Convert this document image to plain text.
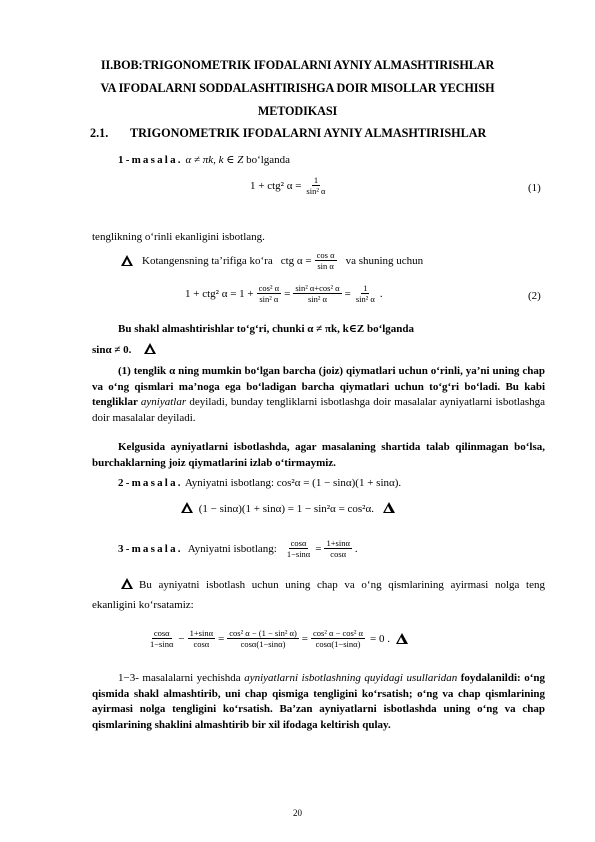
II.BOB:TRIGONOMETRIK IFODALARNI AYNIY ALMASHTIRISHLAR
VA IFODALARNI SODDALASHTIRISHGA DOIR MISOLLAR YECHISH
METODIKASI
2.1. TRIGONOMETRIK IFODALARNI AYNIY ALMASHTIRISHLAR
1-masala. α ≠ πk, k ∈ Z bo‘lganda
1 + ctg² $\alpha = \frac{1}{\text{sin² α}}$	(1)
tenglikning o‘rinli ekanligini isbotlang.
Kotangensning ta’rifiga ko‘ra ctg $\alpha = \frac{\text{cos α}}{\text{sin α}}$ va shuning uchun
1 + ctg² $\alpha = 1 + \frac{\text{cos² α}}{\text{sin² α}} = \frac{\text{sin² α+cos² α}}{\text{sin² α}} = \frac{1}{\text{sin² α}}$ .	(2)
Bu shakl almashtirishlar to‘g‘ri, chunki α ≠ πk, k∈Z bo‘lganda
sinα ≠ 0.
(1) tenglik α ning mumkin bo‘lgan barcha (joiz) qiymatlari uchun o‘rinli, ya’ni uning chap va o‘ng qismlari ma’noga ega bo‘ladigan barcha qiymatlari uchun to‘g‘ri bo‘ladi. Bu kabi tengliklar ayniyatlar deyiladi, bunday tengliklarni isbotlashga doir masalalar ayniyatlarni isbotlashga doir masalalar deyiladi.
Kelgusida ayniyatlarni isbotlashda, agar masalaning shartida talab qilinmagan bo‘lsa, burchaklarning joiz qiymatlarini izlab o‘tirmaymiz.
2-masala. Ayniyatni isbotlang: cos²α = (1 − sinα)(1 + sinα).
(1 − sinα)(1 + sinα) = 1 − sin²α = cos²α.
3-masala. Ayniyatni isbotlang: $\frac{\cos\alpha}{1-\sin\alpha} = \frac{1+\sin\alpha}{\cos\alpha}$ .
Bu ayniyatni isbotlash uchun uning chap va o‘ng qismlarining ayirmasi nolga teng ekanligini ko‘rsatamiz:
$\frac{\cos\alpha}{1-\sin\alpha} - \frac{1+\sin\alpha}{\cos\alpha} = \frac{\text{cos² α − (1 − sin² α)}}{\cos\alpha(1-\sin\alpha)} = \frac{\text{cos² α − cos² α}}{\cos\alpha(1-\sin\alpha)} = 0$ .
1−3- masalalarni yechishda ayniyatlarni isbotlashning quyidagi usullaridan foydalanildi: o‘ng qismida shakl almashtirib, uni chap qismiga tengligini ko‘rsatish; o‘ng va chap qismlarining ayirmasi nolga tengligini ko‘rsatish. Ba’zan ayniyatlarni isbotlashda uning o‘ng va chap qismlarining shaklini almashtirib bir xil ifodaga keltirish qulay.
20
